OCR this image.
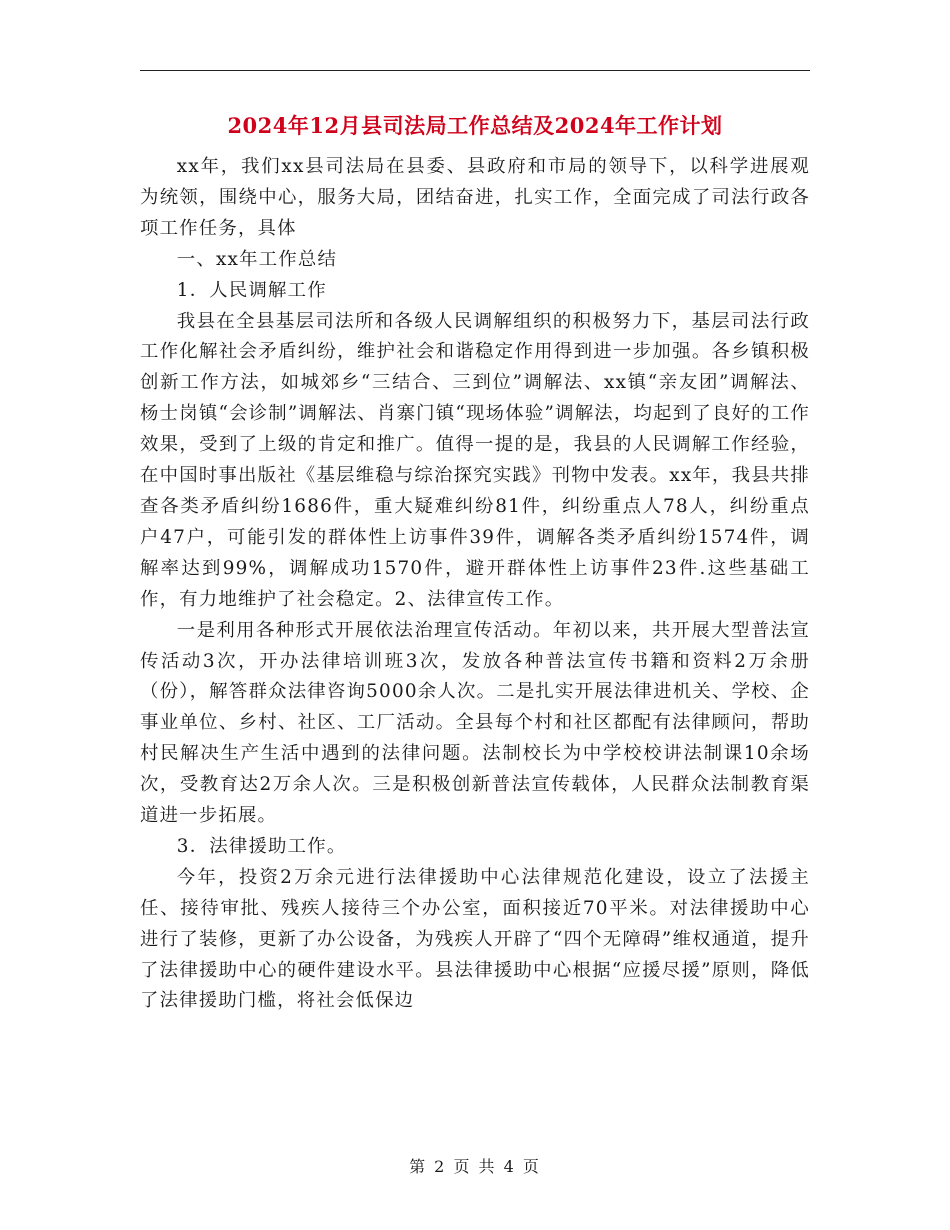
2024年12月县司法局工作总结及2024年工作计划

xx年，我们xx县司法局在县委、县政府和市局的领导下，以科学进展观为统领，围绕中心，服务大局，团结奋进，扎实工作，全面完成了司法行政各项工作任务，具体

一、xx年工作总结

1．人民调解工作

我县在全县基层司法所和各级人民调解组织的积极努力下，基层司法行政工作化解社会矛盾纠纷，维护社会和谐稳定作用得到进一步加强。各乡镇积极创新工作方法，如城郊乡“三结合、三到位”调解法、xx镇“亲友团”调解法、杨士岗镇“会诊制”调解法、肖寨门镇“现场体验”调解法，均起到了良好的工作效果，受到了上级的肯定和推广。值得一提的是，我县的人民调解工作经验，在中国时事出版社《基层维稳与综治探究实践》刊物中发表。xx年，我县共排查各类矛盾纠纷1686件，重大疑难纠纷81件，纠纷重点人78人，纠纷重点户47户，可能引发的群体性上访事件39件，调解各类矛盾纠纷1574件，调解率达到99%，调解成功1570件，避开群体性上访事件23件.这些基础工作，有力地维护了社会稳定。2、法律宣传工作。

一是利用各种形式开展依法治理宣传活动。年初以来，共开展大型普法宣传活动3次，开办法律培训班3次，发放各种普法宣传书籍和资料2万余册（份），解答群众法律咨询5000余人次。二是扎实开展法律进机关、学校、企事业单位、乡村、社区、工厂活动。全县每个村和社区都配有法律顾问，帮助村民解决生产生活中遇到的法律问题。法制校长为中学校校讲法制课10余场次，受教育达2万余人次。三是积极创新普法宣传载体，人民群众法制教育渠道进一步拓展。

3．法律援助工作。

今年，投资2万余元进行法律援助中心法律规范化建设，设立了法援主任、接待审批、残疾人接待三个办公室，面积接近70平米。对法律援助中心进行了装修，更新了办公设备，为残疾人开辟了“四个无障碍”维权通道，提升了法律援助中心的硬件建设水平。县法律援助中心根据“应援尽援”原则，降低了法律援助门槛，将社会低保边

第 2 页 共 4 页
